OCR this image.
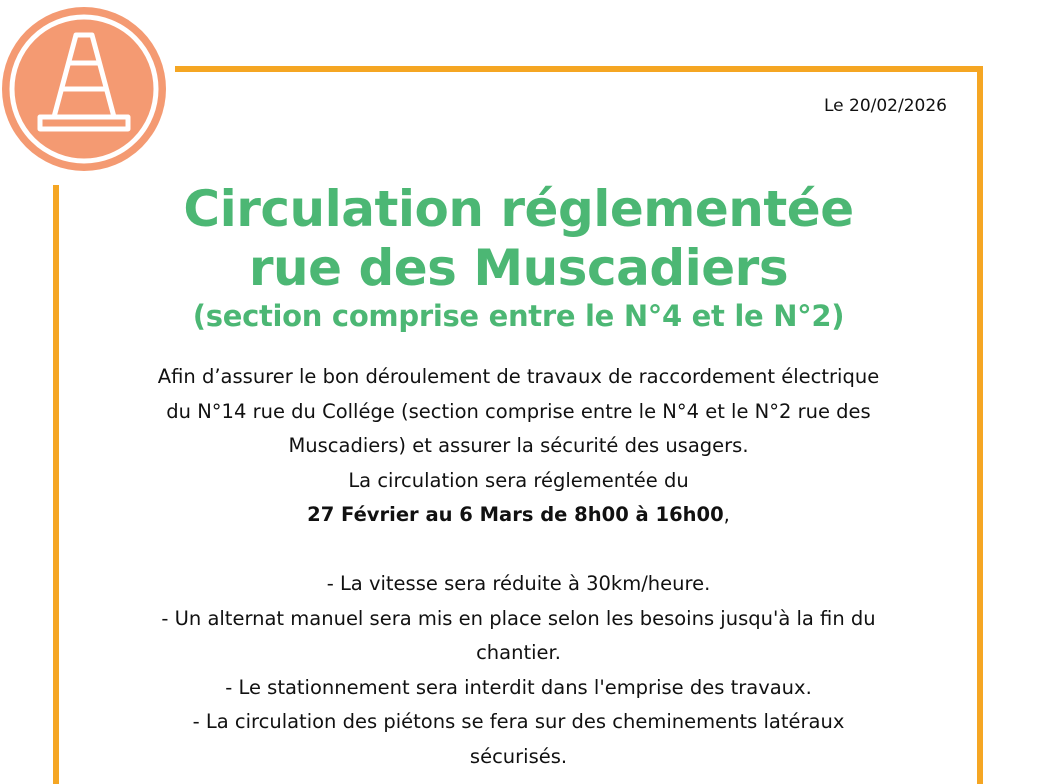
Le 20/02/2026
Circulation réglementée
rue des Muscadiers
(section comprise entre le N°4 et le N°2)

Afin d’assurer le bon déroulement de travaux de raccordement électrique

du N°14 rue du Collége (section comprise entre le N°4 et le N°2 rue des

Muscadiers) et assurer la sécurité des usagers.

La circulation sera réglementée du

27 Février au 6 Mars de 8h00 à 16h00,

- La vitesse sera réduite à 30km/heure.

- Un alternat manuel sera mis en place selon les besoins jusqu'à la fin du

chantier.

- Le stationnement sera interdit dans l'emprise des travaux.

- La circulation des piétons se fera sur des cheminements latéraux

sécurisés.
